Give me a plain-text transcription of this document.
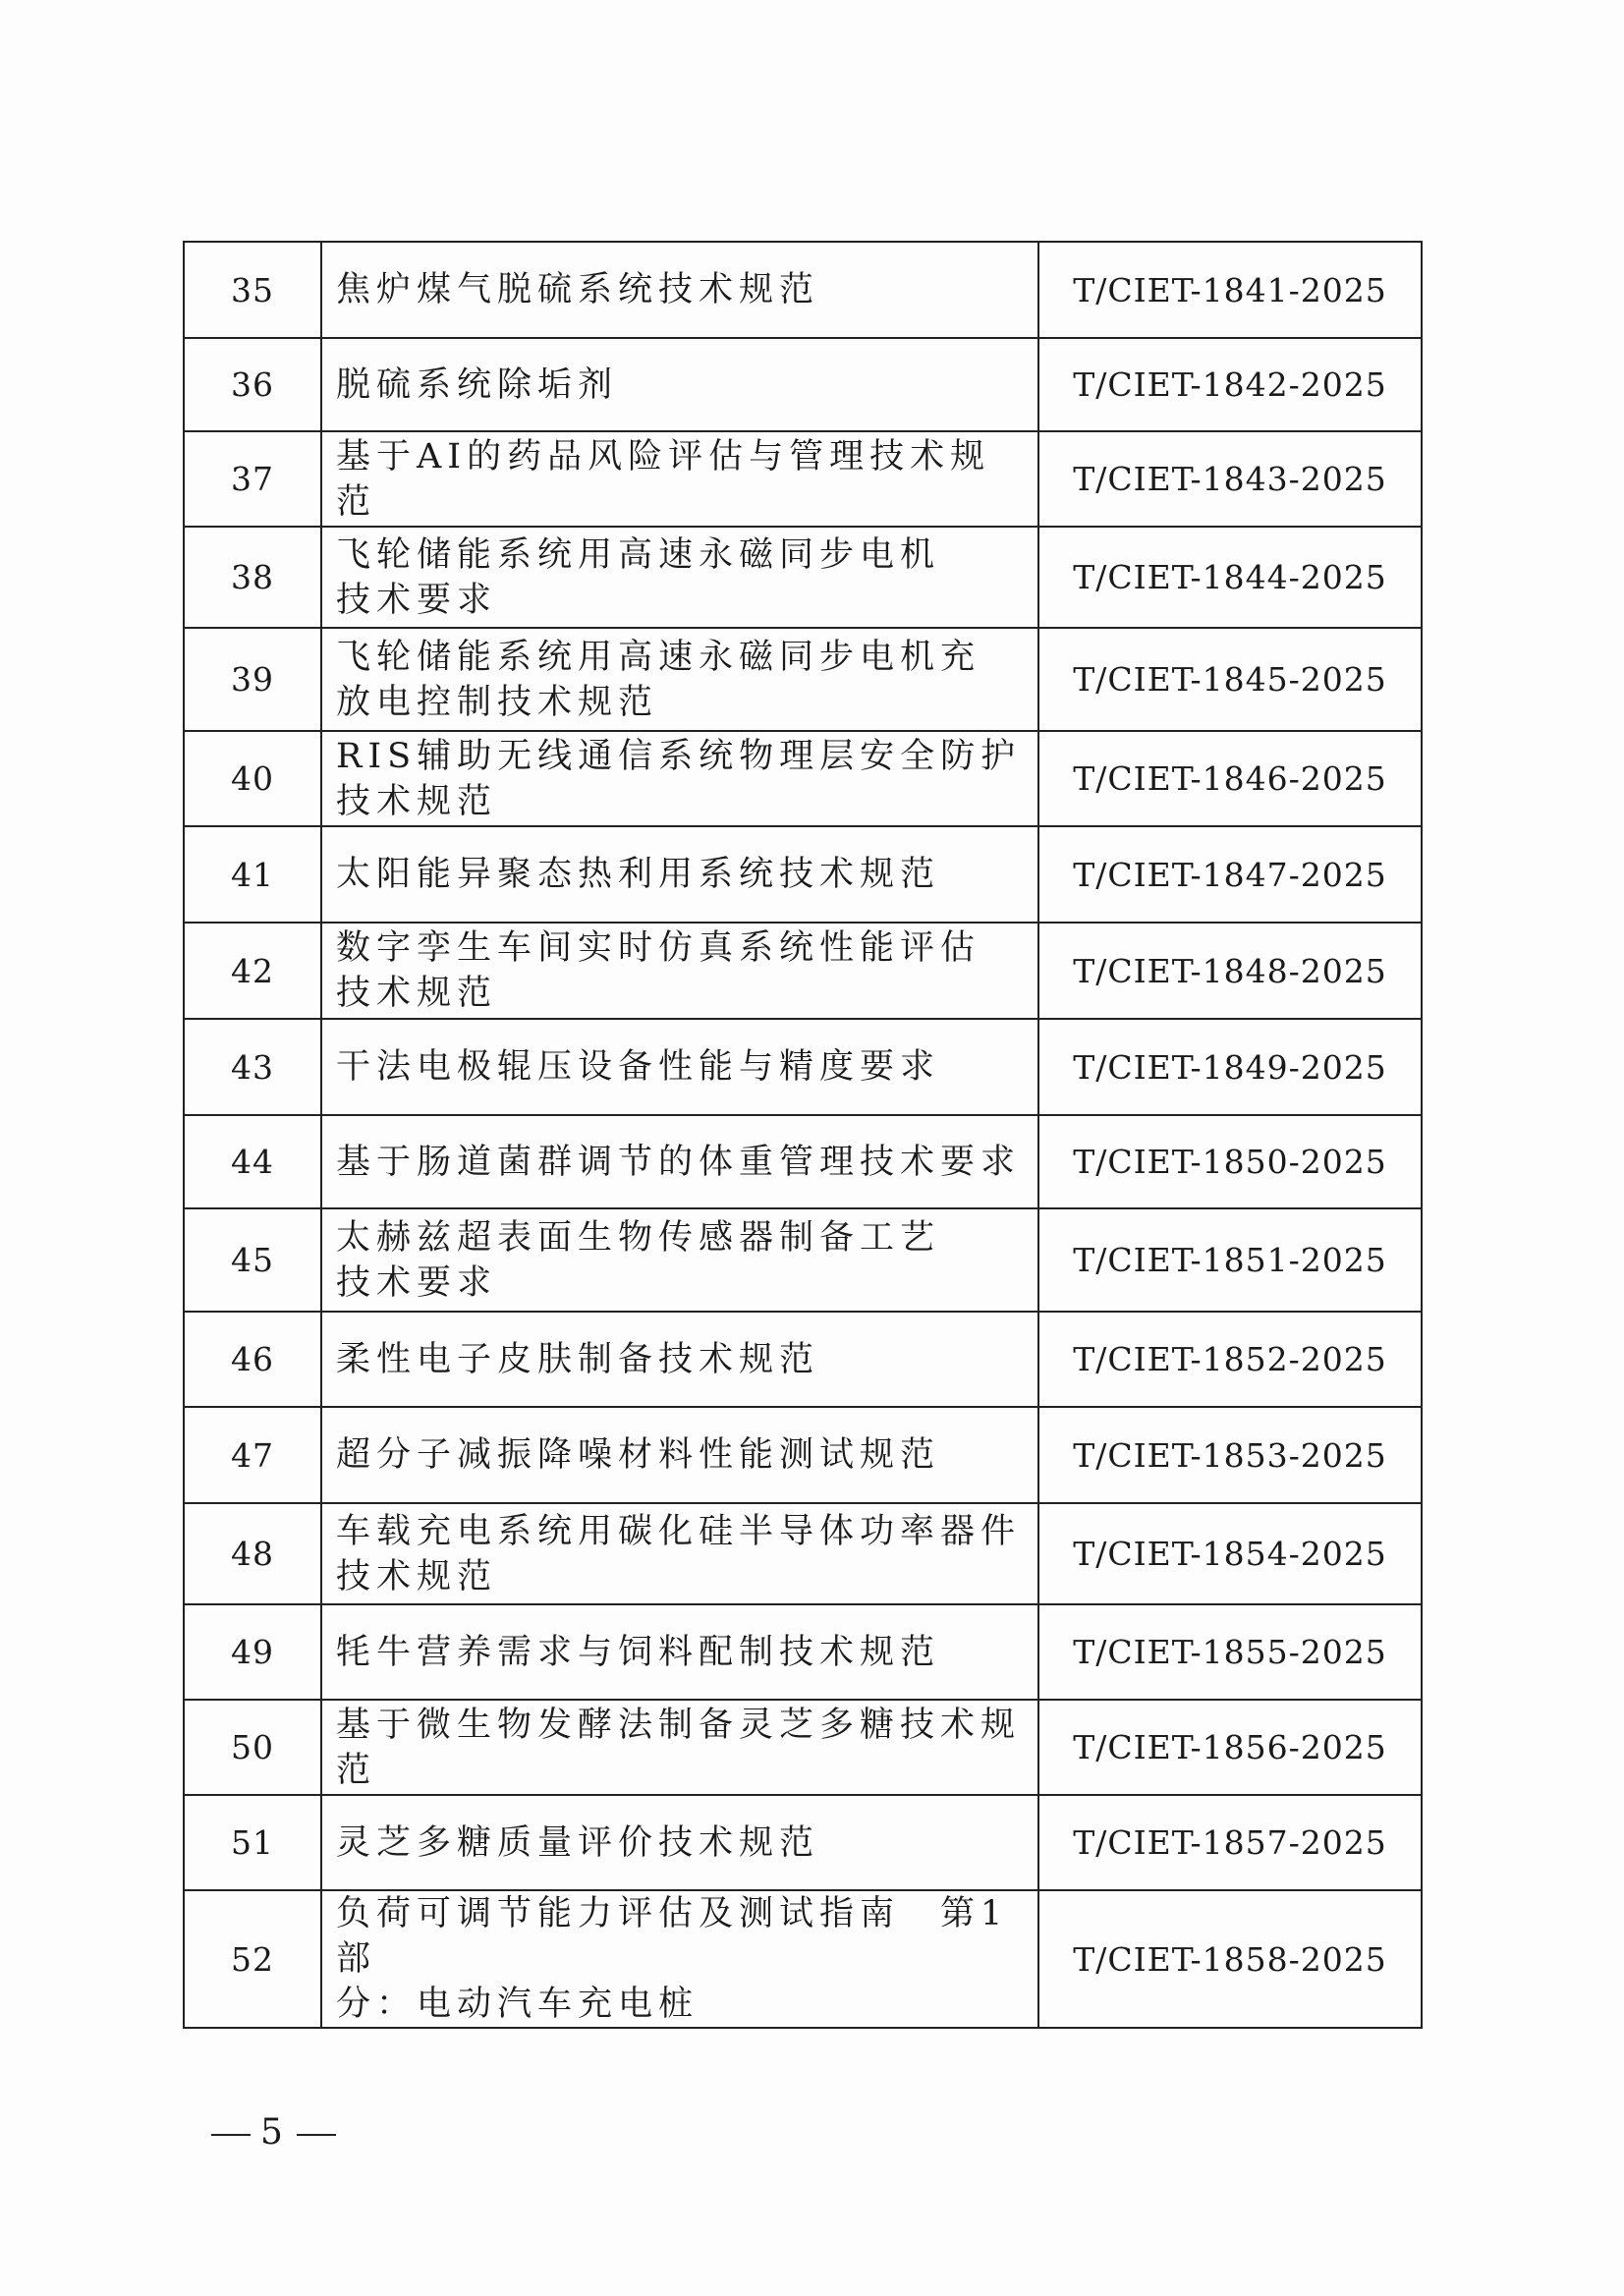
35	焦炉煤气脱硫系统技术规范	T/CIET-1841-2025
36	脱硫系统除垢剂	T/CIET-1842-2025
37	基于AI的药品风险评估与管理技术规范	T/CIET-1843-2025
38	飞轮储能系统用高速永磁同步电机
技术要求	T/CIET-1844-2025
39	飞轮储能系统用高速永磁同步电机充
放电控制技术规范	T/CIET-1845-2025
40	RIS辅助无线通信系统物理层安全防护
技术规范	T/CIET-1846-2025
41	太阳能异聚态热利用系统技术规范	T/CIET-1847-2025
42	数字孪生车间实时仿真系统性能评估
技术规范	T/CIET-1848-2025
43	干法电极辊压设备性能与精度要求	T/CIET-1849-2025
44	基于肠道菌群调节的体重管理技术要求	T/CIET-1850-2025
45	太赫兹超表面生物传感器制备工艺
技术要求	T/CIET-1851-2025
46	柔性电子皮肤制备技术规范	T/CIET-1852-2025
47	超分子减振降噪材料性能测试规范	T/CIET-1853-2025
48	车载充电系统用碳化硅半导体功率器件
技术规范	T/CIET-1854-2025
49	牦牛营养需求与饲料配制技术规范	T/CIET-1855-2025
50	基于微生物发酵法制备灵芝多糖技术规范	T/CIET-1856-2025
51	灵芝多糖质量评价技术规范	T/CIET-1857-2025
52	负荷可调节能力评估及测试指南　第1部
分：电动汽车充电桩	T/CIET-1858-2025
5
